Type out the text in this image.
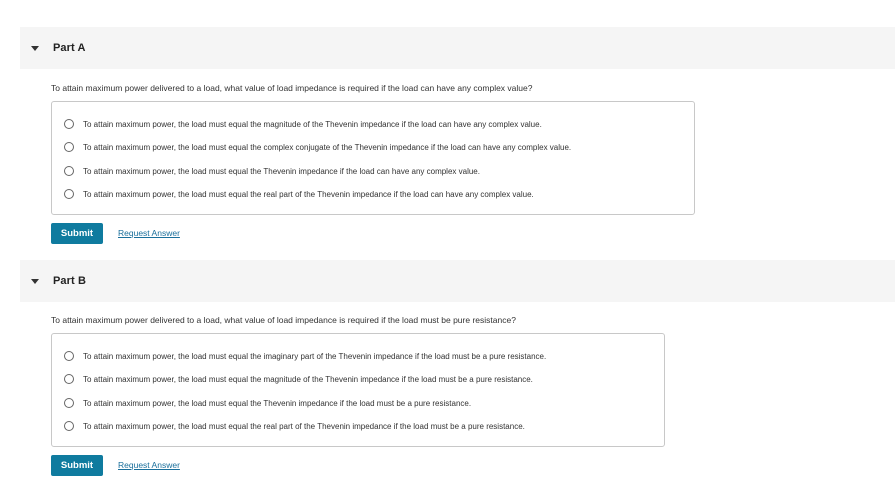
Part A
To attain maximum power delivered to a load, what value of load impedance is required if the load can have any complex value?
To attain maximum power, the load must equal the magnitude of the Thevenin impedance if the load can have any complex value.
To attain maximum power, the load must equal the complex conjugate of the Thevenin impedance if the load can have any complex value.
To attain maximum power, the load must equal the Thevenin impedance if the load can have any complex value.
To attain maximum power, the load must equal the real part of the Thevenin impedance if the load can have any complex value.
Submit	Request Answer
Part B
To attain maximum power delivered to a load, what value of load impedance is required if the load must be pure resistance?
To attain maximum power, the load must equal the imaginary part of the Thevenin impedance if the load must be a pure resistance.
To attain maximum power, the load must equal the magnitude of the Thevenin impedance if the load must be a pure resistance.
To attain maximum power, the load must equal the Thevenin impedance if the load must be a pure resistance.
To attain maximum power, the load must equal the real part of the Thevenin impedance if the load must be a pure resistance.
Submit	Request Answer
